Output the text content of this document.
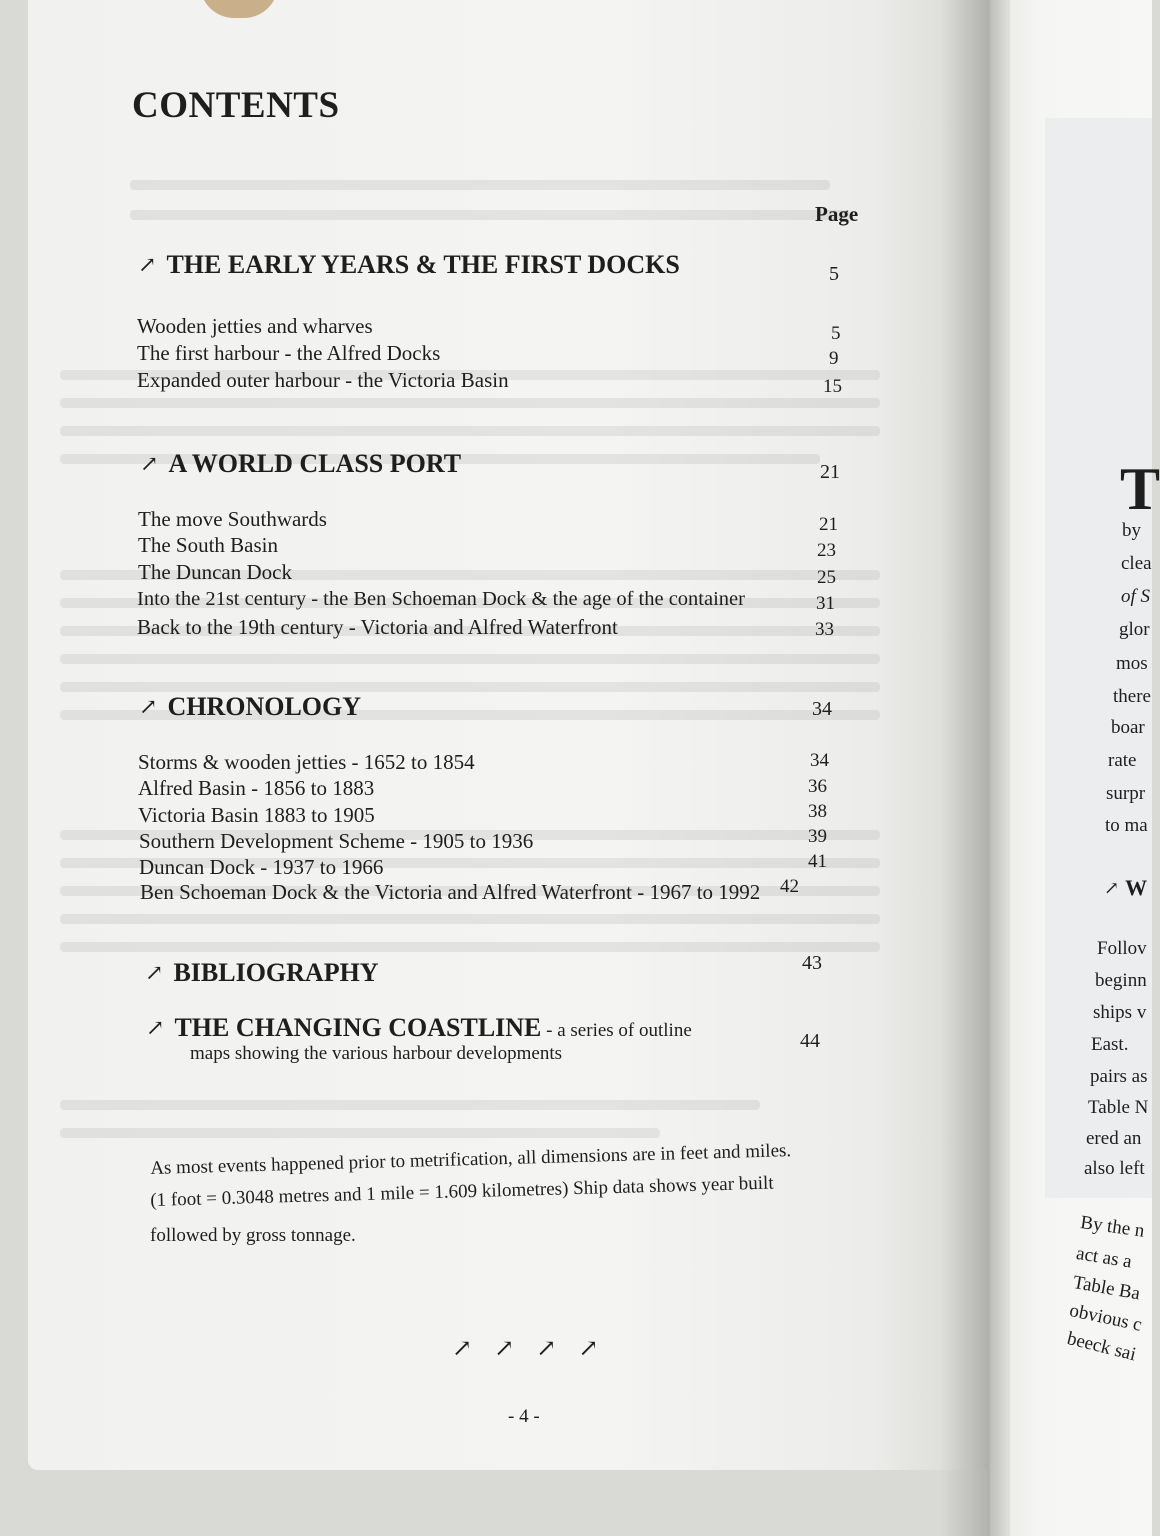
CONTENTS
Page
↗ THE EARLY YEARS & THE FIRST DOCKS	5
Wooden jetties and wharves	5
The first harbour - the Alfred Docks	9
Expanded outer harbour - the Victoria Basin	15
↗ A WORLD CLASS PORT	21
The move Southwards	21
The South Basin	23
The Duncan Dock	25
Into the 21st century - the Ben Schoeman Dock & the age of the container	31
Back to the 19th century - Victoria and Alfred Waterfront	33
↗ CHRONOLOGY	34
Storms & wooden jetties - 1652 to 1854	34
Alfred Basin - 1856 to 1883	36
Victoria Basin 1883 to 1905	38
Southern Development Scheme - 1905 to 1936	39
Duncan Dock - 1937 to 1966	41
Ben Schoeman Dock & the Victoria and Alfred Waterfront - 1967 to 1992 42
↗ BIBLIOGRAPHY	43
↗ THE CHANGING COASTLINE - a series of outline
maps showing the various harbour developments
44
As most events happened prior to metrification, all dimensions are in feet and miles.
(1 foot = 0.3048 metres and 1 mile = 1.609 kilometres) Ship data shows year built
followed by gross tonnage.
↗ ↗ ↗ ↗
- 4 -
T
by
clea
of S
glor
mos
there
boar
rate
surpr
to ma
↗ W
Follov
beginn
ships v
East.
pairs as
Table N
ered an
also left
By the n
act as a
Table Ba
obvious c
beeck sai
